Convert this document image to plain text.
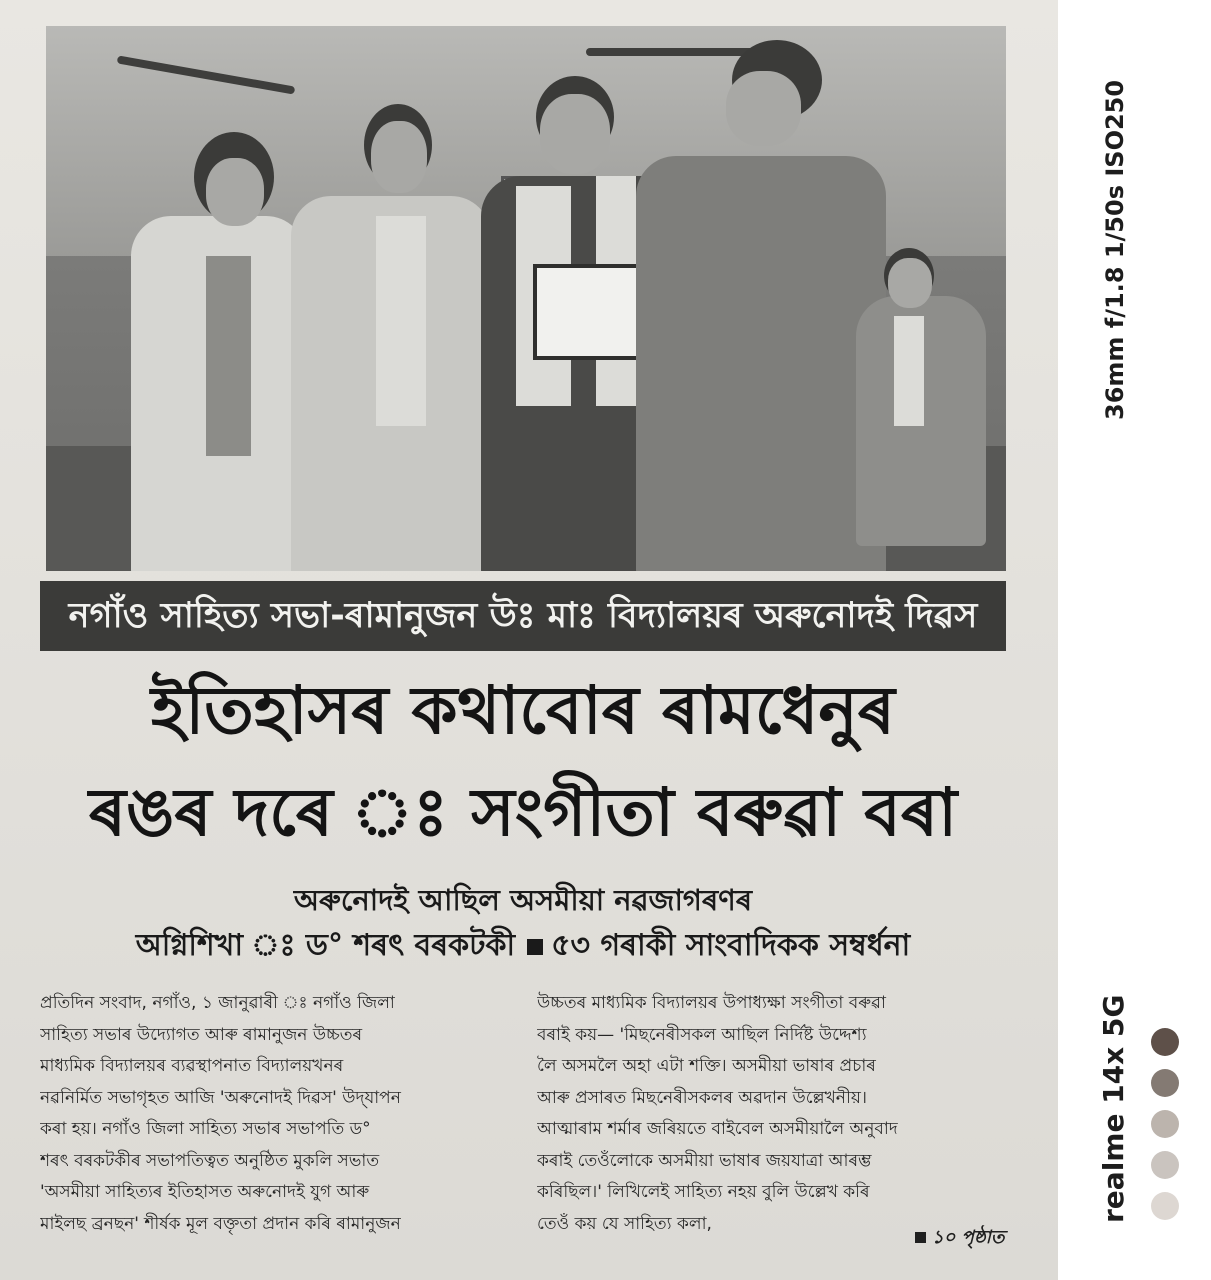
নগাঁও সাহিত্য সভা-ৰামানুজন উঃ মাঃ বিদ্যালয়ৰ অৰুনোদই দিৱস
ইতিহাসৰ কথাবোৰ ৰামধেনুৰ
ৰঙৰ দৰে ঃ সংগীতা বৰুৱা বৰা
অৰুনোদই আছিল অসমীয়া নৱজাগৰণৰ
অগ্নিশিখা ঃ ড° শৰৎ বৰকটকী ৫৩ গৰাকী সাংবাদিকক সম্বৰ্ধনা
প্ৰতিদিন সংবাদ, নগাঁও, ১ জানুৱাৰী ঃ নগাঁও জিলা
সাহিত্য সভাৰ উদ্যোগত আৰু ৰামানুজন উচ্চতৰ
মাধ্যমিক বিদ্যালয়ৰ ব্যৱস্থাপনাত বিদ্যালয়খনৰ
নৱনিৰ্মিত সভাগৃহত আজি 'অৰুনোদই দিৱস' উদ্‌যাপন
কৰা হয়। নগাঁও জিলা সাহিত্য সভাৰ সভাপতি ড°
শৰৎ বৰকটকীৰ সভাপতিত্বত অনুষ্ঠিত মুকলি সভাত
'অসমীয়া সাহিত্যৰ ইতিহাসত অৰুনোদই যুগ আৰু
মাইলছ ব্ৰনছন' শীৰ্ষক মূল বক্তৃতা প্ৰদান কৰি ৰামানুজন
উচ্চতৰ মাধ্যমিক বিদ্যালয়ৰ উপাধ্যক্ষা সংগীতা বৰুৱা
বৰাই কয়— 'মিছনেৰীসকল আছিল নিৰ্দিষ্ট উদ্দেশ্য
লৈ অসমলৈ অহা এটা শক্তি। অসমীয়া ভাষাৰ প্ৰচাৰ
আৰু প্ৰসাৰত মিছনেৰীসকলৰ অৱদান উল্লেখনীয়।
আত্মাৰাম শৰ্মাৰ জৰিয়তে বাইবেল অসমীয়ালৈ অনুবাদ
কৰাই তেওঁলোকে অসমীয়া ভাষাৰ জয়যাত্ৰা আৰম্ভ
কৰিছিল।' লিখিলেই সাহিত্য নহয় বুলি উল্লেখ কৰি
তেওঁ কয় যে সাহিত্য কলা,
১০ পৃষ্ঠাত
36mm f/1.8 1/50s ISO250
realme 14x 5G
